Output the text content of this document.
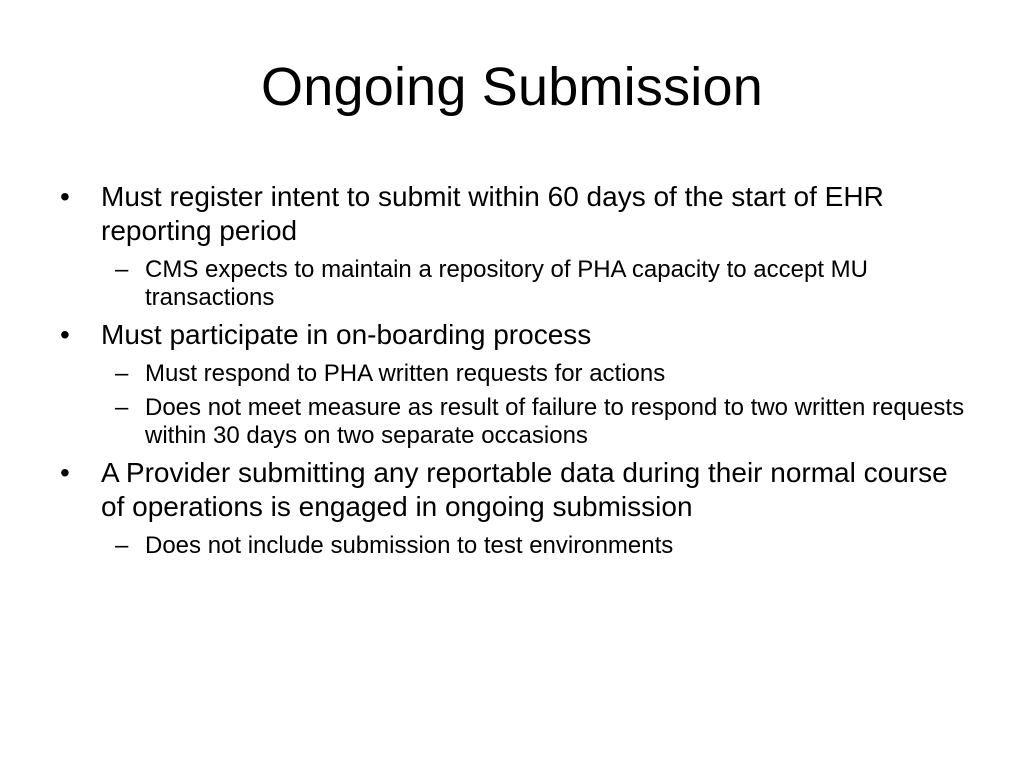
Ongoing Submission
•	Must register intent to submit within 60 days of the start of EHR reporting period
– CMS expects to maintain a repository of PHA capacity to accept MU transactions
•	Must participate in on-boarding process
– Must respond to PHA written requests for actions
– Does not meet measure as result of failure to respond to two written requests within 30 days on two separate occasions
•	A Provider submitting any reportable data during their normal course of operations is engaged in ongoing submission
– Does not include submission to test environments
